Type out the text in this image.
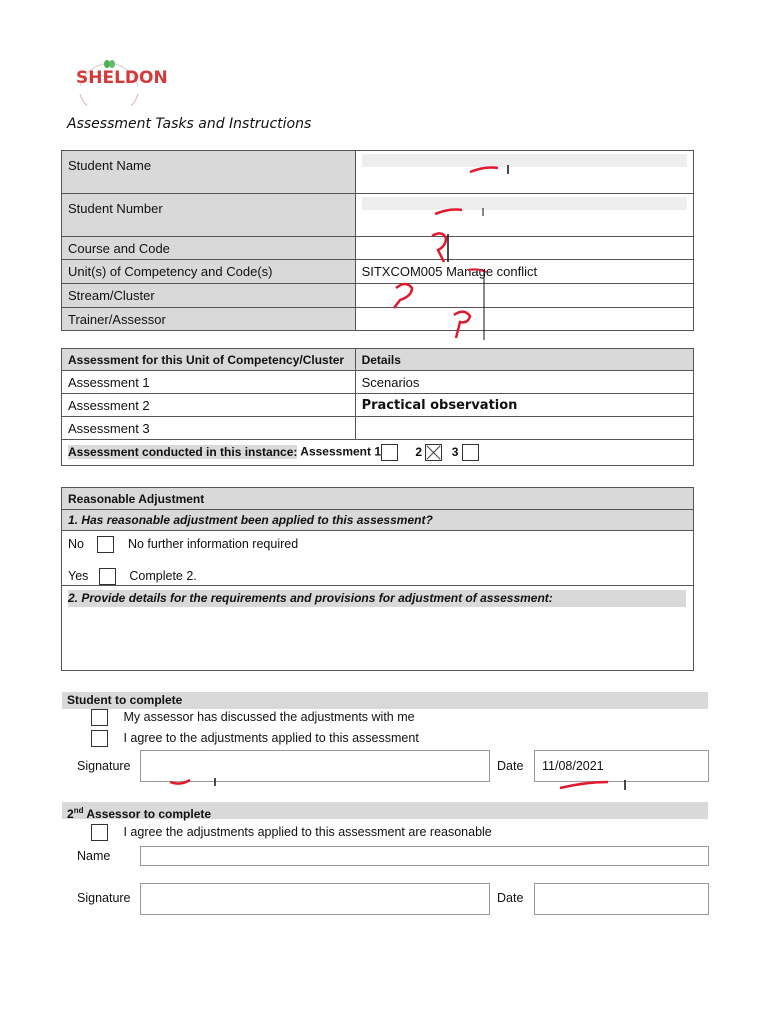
SHELDON
Assessment Tasks and Instructions
Student Name	

Student Number	

Course and Code	
Unit(s) of Competency and Code(s)	SITXCOM005 Manage conflict
Stream/Cluster	
Trainer/Assessor	
Assessment for this Unit of Competency/Cluster	Details
Assessment 1	Scenarios
Assessment 2	Practical observation
Assessment 3	
Assessment conducted in this instance: Assessment 1 2 3	
Reasonable Adjustment
1. Has reasonable adjustment been applied to this assessment?

No	No further information required
Yes	Complete 2.

2. Provide details for the requirements and provisions for adjustment of assessment:
Student to complete
My assessor has discussed the adjustments with me
I agree to the adjustments applied to this assessment
Signature	Date	11/08/2021
2nd Assessor to complete
I agree the adjustments applied to this assessment are reasonable
Name
Signature	Date
